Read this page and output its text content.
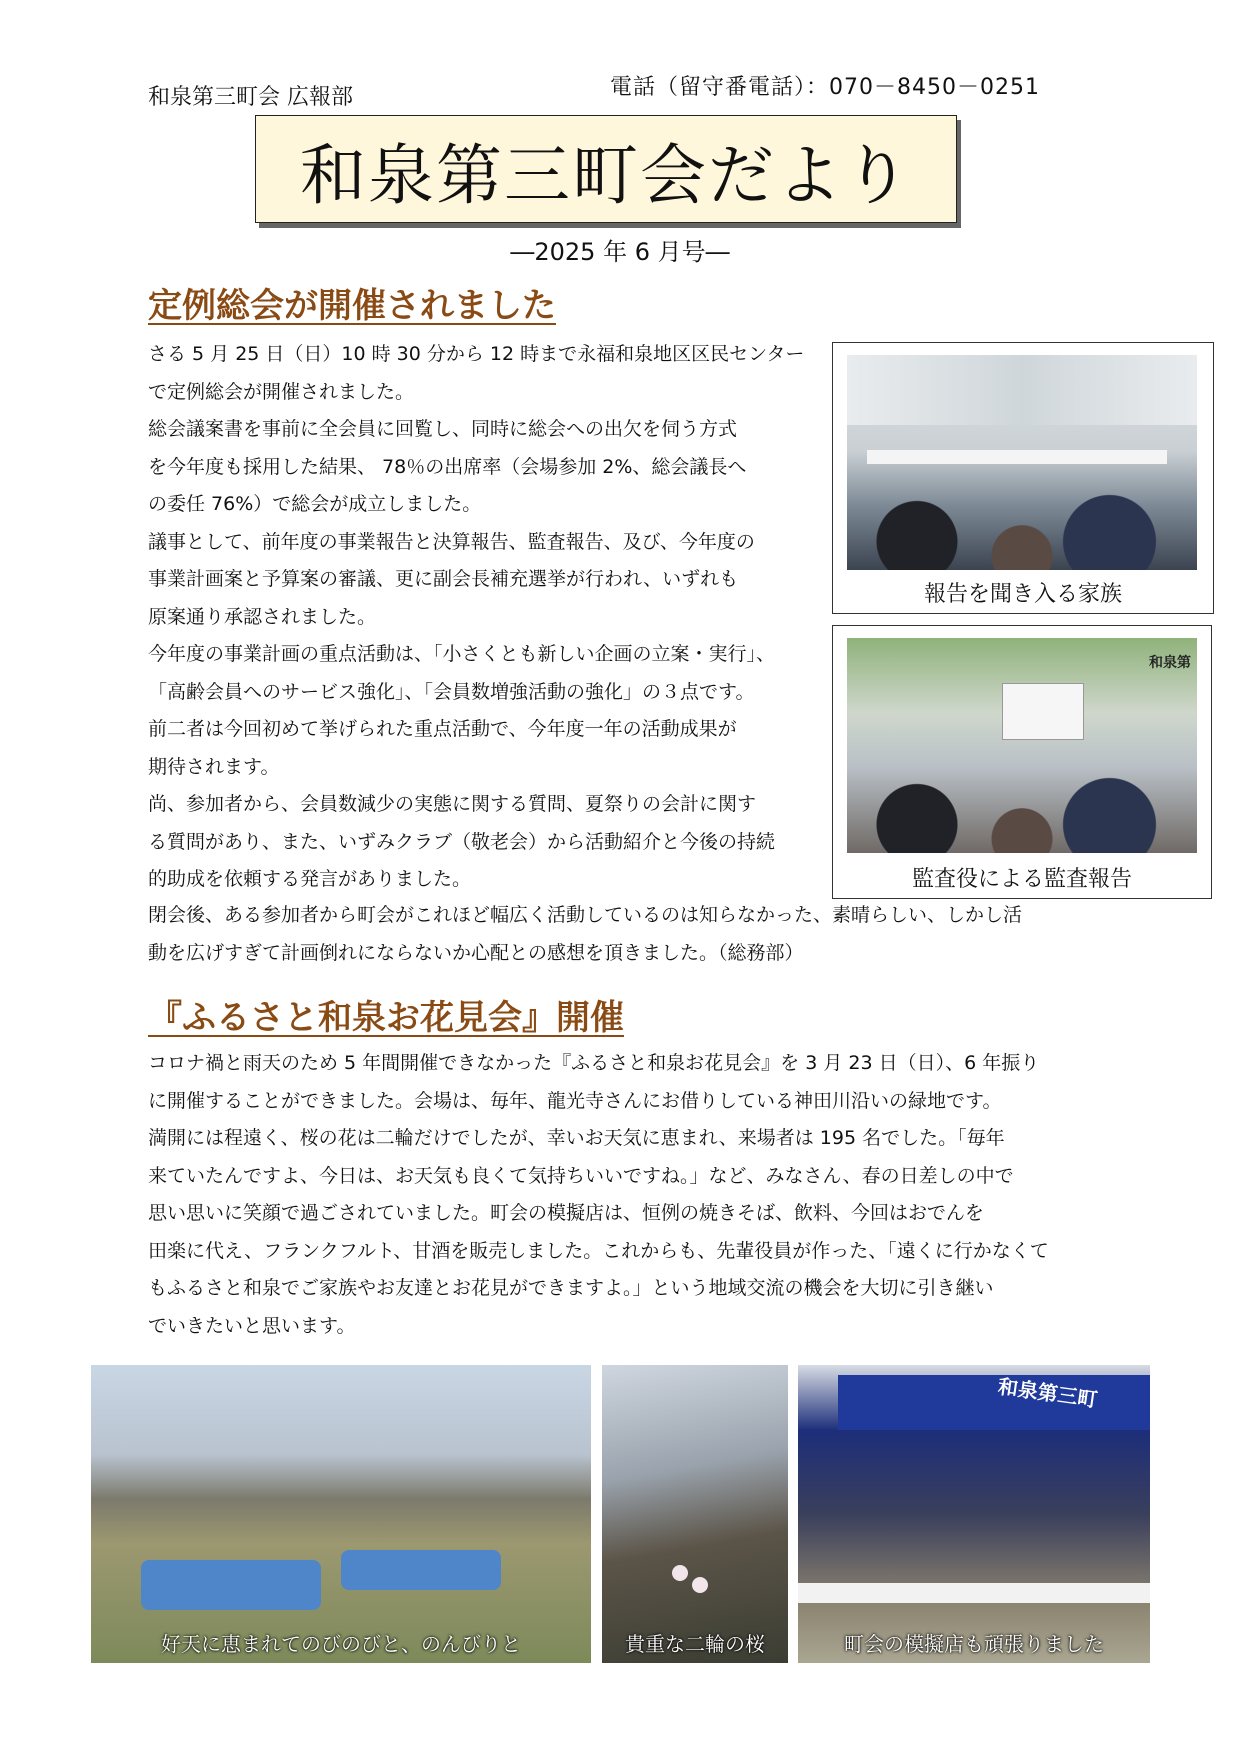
和泉第三町会 広報部	電話（留守番電話）：070－8450－0251
和泉第三町会だより
―2025 年 6 月号―
定例総会が開催されました

さる 5 月 25 日（日）10 時 30 分から 12 時まで永福和泉地区区民センター

で定例総会が開催されました。

総会議案書を事前に全会員に回覧し、同時に総会への出欠を伺う方式

を今年度も採用した結果、 78％の出席率（会場参加 2%、総会議長へ

の委任 76%）で総会が成立しました。

議事として、前年度の事業報告と決算報告、監査報告、及び、今年度の

事業計画案と予算案の審議、更に副会長補充選挙が行われ、いずれも

原案通り承認されました。

今年度の事業計画の重点活動は、「小さくとも新しい企画の立案・実行」、

「高齢会員へのサービス強化」、「会員数増強活動の強化」の３点です。

前二者は今回初めて挙げられた重点活動で、今年度一年の活動成果が

期待されます。

尚、参加者から、会員数減少の実態に関する質問、夏祭りの会計に関す

る質問があり、また、いずみクラブ（敬老会）から活動紹介と今後の持続

的助成を依頼する発言がありました。

報告を聞き入る家族
和泉第
監査役による監査報告

閉会後、ある参加者から町会がこれほど幅広く活動しているのは知らなかった、素晴らしい、しかし活

動を広げすぎて計画倒れにならないか心配との感想を頂きました。（総務部）

『ふるさと和泉お花見会』開催

コロナ禍と雨天のため 5 年間開催できなかった『ふるさと和泉お花見会』を 3 月 23 日（日）、6 年振り

に開催することができました。会場は、毎年、龍光寺さんにお借りしている神田川沿いの緑地です。

満開には程遠く、桜の花は二輪だけでしたが、幸いお天気に恵まれ、来場者は 195 名でした。「毎年

来ていたんですよ、今日は、お天気も良くて気持ちいいですね。」など、みなさん、春の日差しの中で

思い思いに笑顔で過ごされていました。町会の模擬店は、恒例の焼きそば、飲料、今回はおでんを

田楽に代え、フランクフルト、甘酒を販売しました。これからも、先輩役員が作った、「遠くに行かなくて

もふるさと和泉でご家族やお友達とお花見ができますよ。」という地域交流の機会を大切に引き継い

でいきたいと思います。

好天に恵まれてのびのびと、のんびりと	貴重な二輪の桜
和泉第三町
町会の模擬店も頑張りました
